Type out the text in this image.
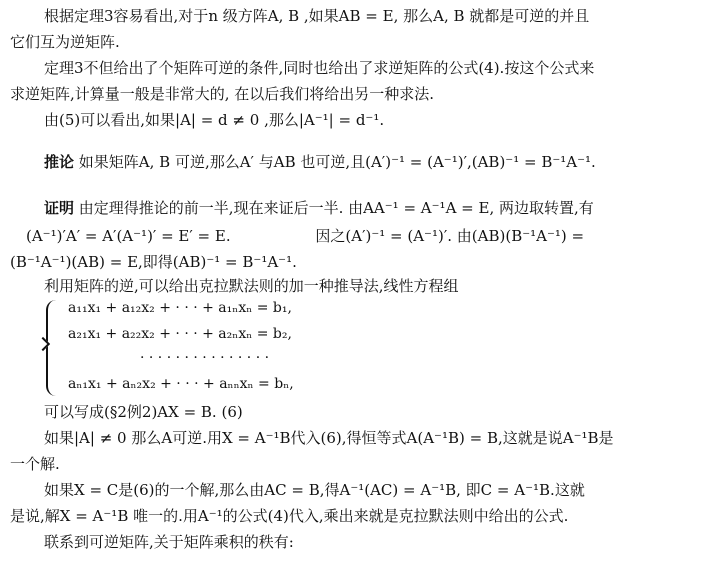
根据定理3容易看出,对于n 级方阵A, B ,如果AB = E, 那么A, B 就都是可逆的并且
它们互为逆矩阵.
定理3不但给出了个矩阵可逆的条件,同时也给出了求逆矩阵的公式(4).按这个公式来
求逆矩阵,计算量一般是非常大的, 在以后我们将给出另一种求法.
由(5)可以看出,如果|A| = d ≠ 0 ,那么|A⁻¹| = d⁻¹.
推论 如果矩阵A, B 可逆,那么A′ 与AB 也可逆,且(A′)⁻¹ = (A⁻¹)′,(AB)⁻¹ = B⁻¹A⁻¹.
证明 由定理得推论的前一半,现在来证后一半. 由AA⁻¹ = A⁻¹A = E, 两边取转置,有
(A⁻¹)′A′ = A′(A⁻¹)′ = E′ = E.	因之(A′)⁻¹ = (A⁻¹)′. 由(AB)(B⁻¹A⁻¹) =
(B⁻¹A⁻¹)(AB) = E,即得(AB)⁻¹ = B⁻¹A⁻¹.
利用矩阵的逆,可以给出克拉默法则的加一种推导法,线性方程组
a₁₁x₁ + a₁₂x₂ + · · · + a₁ₙxₙ = b₁,
a₂₁x₁ + a₂₂x₂ + · · · + a₂ₙxₙ = b₂,
· · · · · · · · · · · · · · ·
aₙ₁x₁ + aₙ₂x₂ + · · · + aₙₙxₙ = bₙ,
可以写成(§2例2)AX = B. (6)
如果|A| ≠ 0 那么A可逆.用X = A⁻¹B代入(6),得恒等式A(A⁻¹B) = B,这就是说A⁻¹B是
一个解.
如果X = C是(6)的一个解,那么由AC = B,得A⁻¹(AC) = A⁻¹B, 即C = A⁻¹B.这就
是说,解X = A⁻¹B 唯一的.用A⁻¹的公式(4)代入,乘出来就是克拉默法则中给出的公式.
联系到可逆矩阵,关于矩阵乘积的秩有:
